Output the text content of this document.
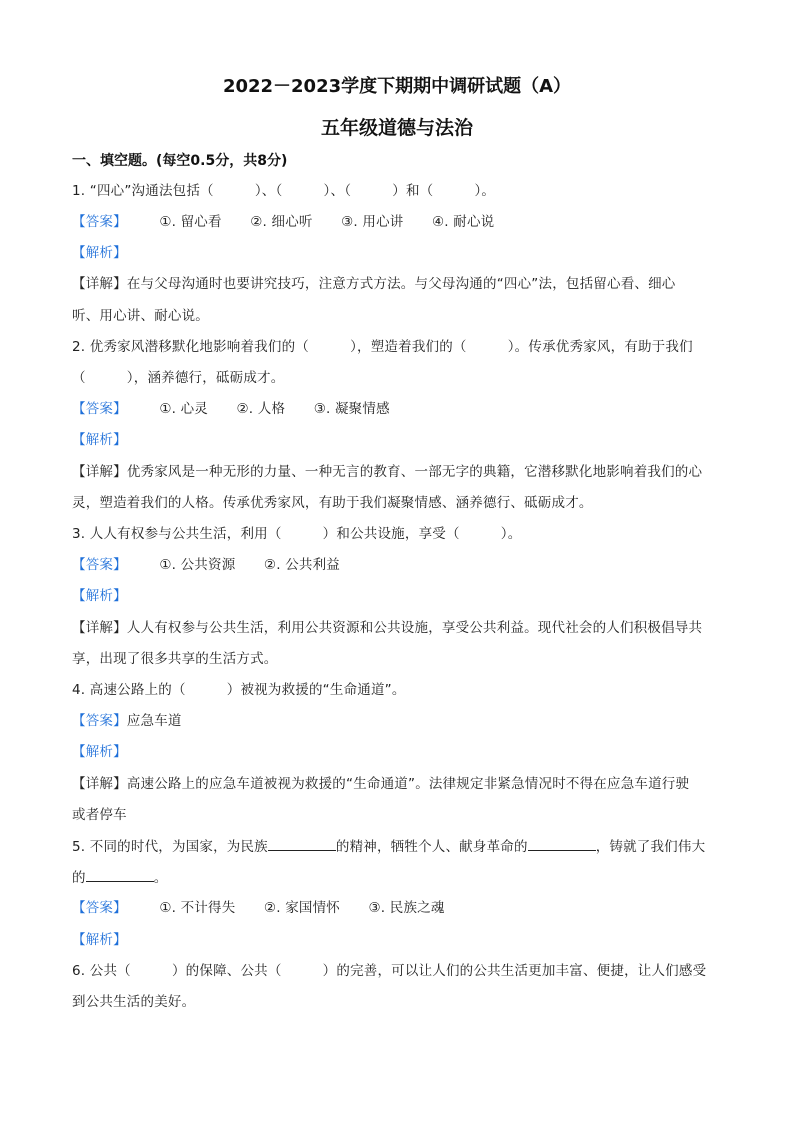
2022－2023学度下期期中调研试题（A）
五年级道德与法治
一、填空题。(每空0.5分，共8分)
1. “四心”沟通法包括（　　　）、（　　　）、（　　　）和（　　　）。
【答案】 ①. 留心看 ②. 细心听 ③. 用心讲 ④. 耐心说
【解析】
【详解】在与父母沟通时也要讲究技巧，注意方式方法。与父母沟通的“四心”法，包括留心看、细心
听、用心讲、耐心说。
2. 优秀家风潜移默化地影响着我们的（　　　），塑造着我们的（　　　）。传承优秀家风，有助于我们
（　　　），涵养德行，砥砺成才。
【答案】 ①. 心灵 ②. 人格 ③. 凝聚情感
【解析】
【详解】优秀家风是一种无形的力量、一种无言的教育、一部无字的典籍，它潜移默化地影响着我们的心
灵，塑造着我们的人格。传承优秀家风，有助于我们凝聚情感、涵养德行、砥砺成才。
3. 人人有权参与公共生活，利用（　　　）和公共设施，享受（　　　）。
【答案】 ①. 公共资源 ②. 公共利益
【解析】
【详解】人人有权参与公共生活，利用公共资源和公共设施，享受公共利益。现代社会的人们积极倡导共
享，出现了很多共享的生活方式。
4. 高速公路上的（　　　）被视为救援的“生命通道”。
【答案】应急车道
【解析】
【详解】高速公路上的应急车道被视为救援的“生命通道”。法律规定非紧急情况时不得在应急车道行驶
或者停车
5. 不同的时代，为国家，为民族	的精神，牺牲个人、献身革命的	，铸就了我们伟大
的	。
【答案】 ①. 不计得失 ②. 家国情怀 ③. 民族之魂
【解析】
6. 公共（　　　）的保障、公共（　　　）的完善，可以让人们的公共生活更加丰富、便捷，让人们感受
到公共生活的美好。
